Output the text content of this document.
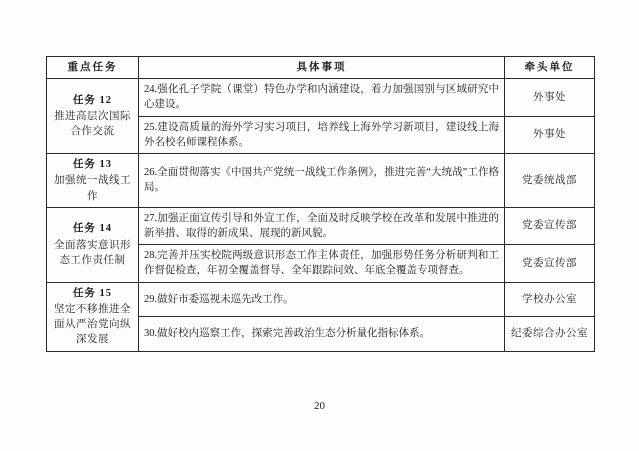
重点任务	具体事项	牵头单位

任务 12
推进高层次国际合作交流	24.强化孔子学院（课堂）特色办学和内涵建设，着力加强国别与区域研究中心建设。	外事处
	25.建设高质量的海外学习实习项目，培养线上海外学习新项目，建设线上海外名校名师课程体系。	外事处

任务 13
加强统一战线工作	26.全面贯彻落实《中国共产党统一战线工作条例》，推进完善“大统战”工作格局。	党委统战部

任务 14
全面落实意识形态工作责任制	27.加强正面宣传引导和外宣工作，全面及时反映学校在改革和发展中推进的新举措、取得的新成果、展现的新风貌。	党委宣传部
	28.完善并压实校院两级意识形态工作主体责任，加强形势任务分析研判和工作督促检查，年初全覆盖督导、全年跟踪问效、年底全覆盖专项督查。	党委宣传部

任务 15
坚定不移推进全面从严治党向纵深发展	29.做好市委巡视未巡先改工作。	学校办公室
	30.做好校内巡察工作，探索完善政治生态分析量化指标体系。	纪委综合办公室
20
